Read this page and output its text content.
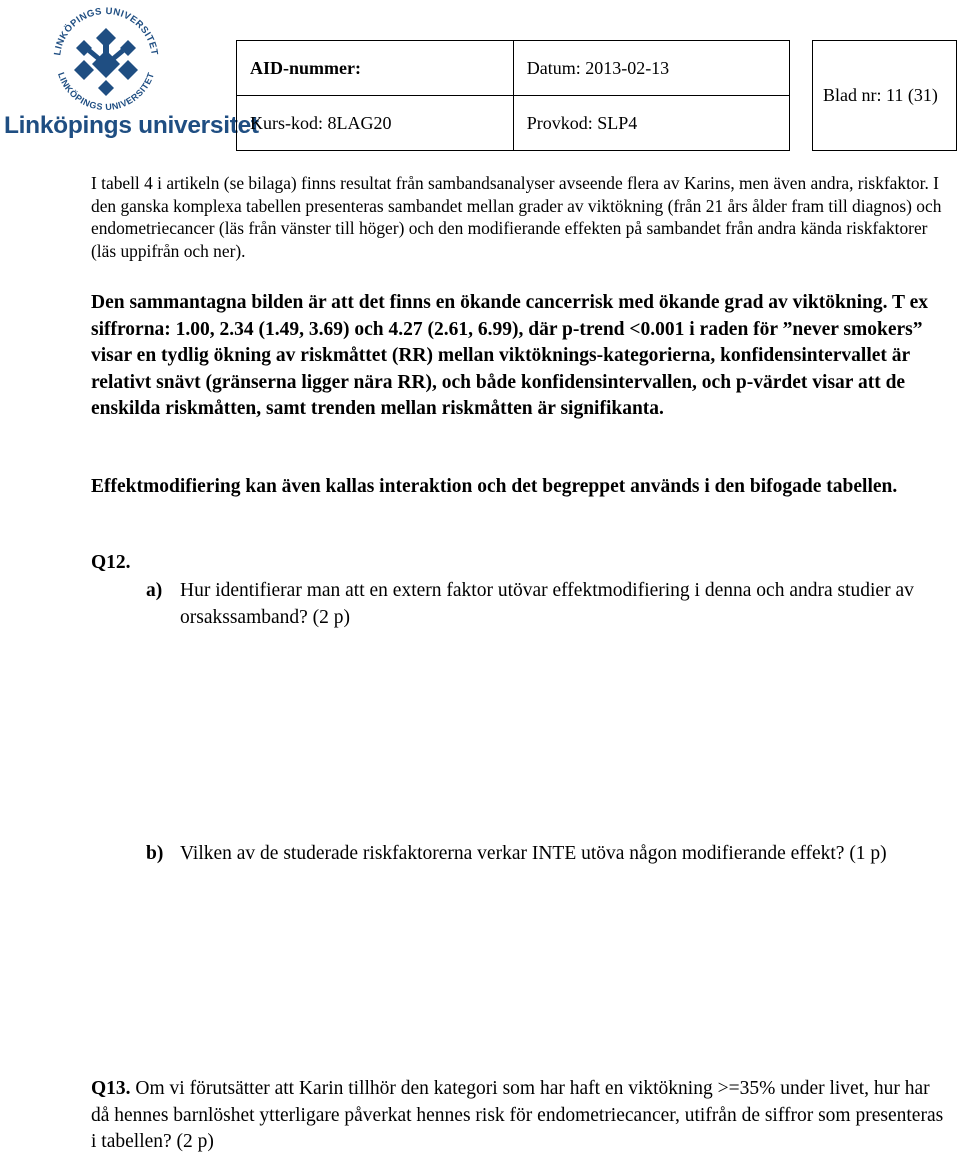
LINKÖPINGS UNIVERSITET
LINKÖPINGS UNIVERSITET
Linköpings universitet
AID-nummer:	Datum: 2013-02-13
Kurs-kod: 8LAG20	Provkod: SLP4
Blad nr: 11 (31)
I tabell 4 i artikeln (se bilaga) finns resultat från sambandsanalyser avseende flera av Karins, men även andra, riskfaktor. I den ganska komplexa tabellen presenteras sambandet mellan grader av viktökning (från 21 års ålder fram till diagnos) och endometriecancer (läs från vänster till höger) och den modifierande effekten på sambandet från andra kända riskfaktorer (läs uppifrån och ner).
Den sammantagna bilden är att det finns en ökande cancerrisk med ökande grad av viktökning. T ex siffrorna: 1.00, 2.34 (1.49, 3.69) och 4.27 (2.61, 6.99), där p-trend <0.001 i raden för ”never smokers” visar en tydlig ökning av riskmåttet (RR) mellan viktöknings-kategorierna, konfidensintervallet är relativt snävt (gränserna ligger nära RR), och både konfidensintervallen, och p-värdet visar att de enskilda riskmåtten, samt trenden mellan riskmåtten är signifikanta.
Effektmodifiering kan även kallas interaktion och det begreppet används i den bifogade tabellen.
Q12.
a) Hur identifierar man att en extern faktor utövar effektmodifiering i denna och andra studier av orsakssamband? (2 p)
b) Vilken av de studerade riskfaktorerna verkar INTE utöva någon modifierande effekt? (1 p)
Q13. Om vi förutsätter att Karin tillhör den kategori som har haft en viktökning >=35% under livet, hur har då hennes barnlöshet ytterligare påverkat hennes risk för endometriecancer, utifrån de siffror som presenteras i tabellen? (2 p)
